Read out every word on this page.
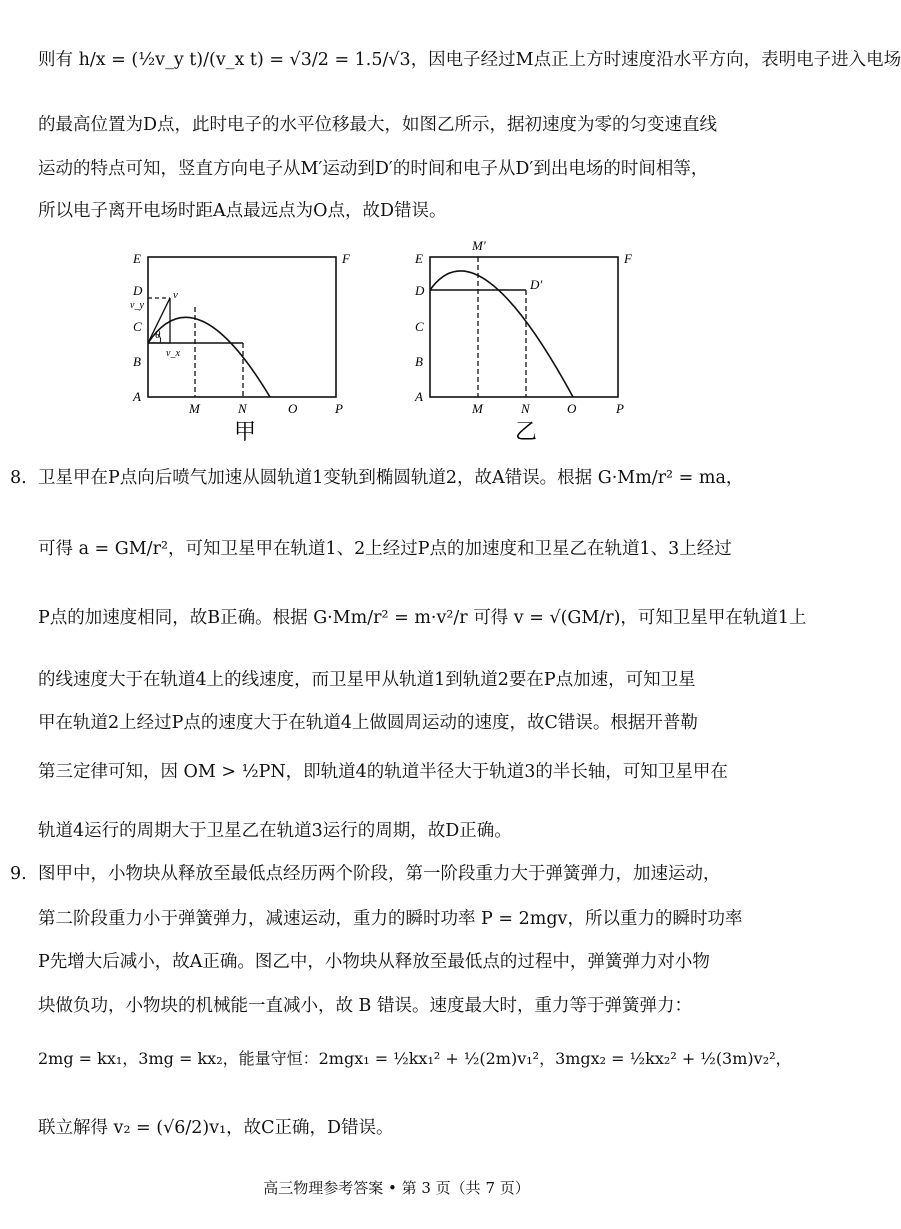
则有 h/x = (½v_y t)/(v_x t) = √3/2 = 1.5/√3，因电子经过M点正上方时速度沿水平方向，表明电子进入电场
的最高位置为D点，此时电子的水平位移最大，如图乙所示，据初速度为零的匀变速直线
运动的特点可知，竖直方向电子从M′运动到D′的时间和电子从D′到出电场的时间相等，
所以电子离开电场时距A点最远点为O点，故D错误。
E
D
v_y
C
B
A
F
v
θ
v_x
M	N	O	P
甲
E
D
C
B
A
F
M′
D′
M	N	O	P
乙
8. 卫星甲在P点向后喷气加速从圆轨道1变轨到椭圆轨道2，故A错误。根据 G·Mm/r² = ma，
可得 a = GM/r²，可知卫星甲在轨道1、2上经过P点的加速度和卫星乙在轨道1、3上经过
P点的加速度相同，故B正确。根据 G·Mm/r² = m·v²/r 可得 v = √(GM/r)，可知卫星甲在轨道1上
的线速度大于在轨道4上的线速度，而卫星甲从轨道1到轨道2要在P点加速，可知卫星
甲在轨道2上经过P点的速度大于在轨道4上做圆周运动的速度，故C错误。根据开普勒
第三定律可知，因 OM > ½PN，即轨道4的轨道半径大于轨道3的半长轴，可知卫星甲在
轨道4运行的周期大于卫星乙在轨道3运行的周期，故D正确。
9. 图甲中，小物块从释放至最低点经历两个阶段，第一阶段重力大于弹簧弹力，加速运动，
第二阶段重力小于弹簧弹力，减速运动，重力的瞬时功率 P = 2mgv，所以重力的瞬时功率
P先增大后减小，故A正确。图乙中，小物块从释放至最低点的过程中，弹簧弹力对小物
块做负功，小物块的机械能一直减小，故 B 错误。速度最大时，重力等于弹簧弹力：
2mg = kx₁，3mg = kx₂，能量守恒：2mgx₁ = ½kx₁² + ½(2m)v₁²，3mgx₂ = ½kx₂² + ½(3m)v₂²，
联立解得 v₂ = (√6/2)v₁，故C正确，D错误。
高三物理参考答案 • 第 3 页（共 7 页）
